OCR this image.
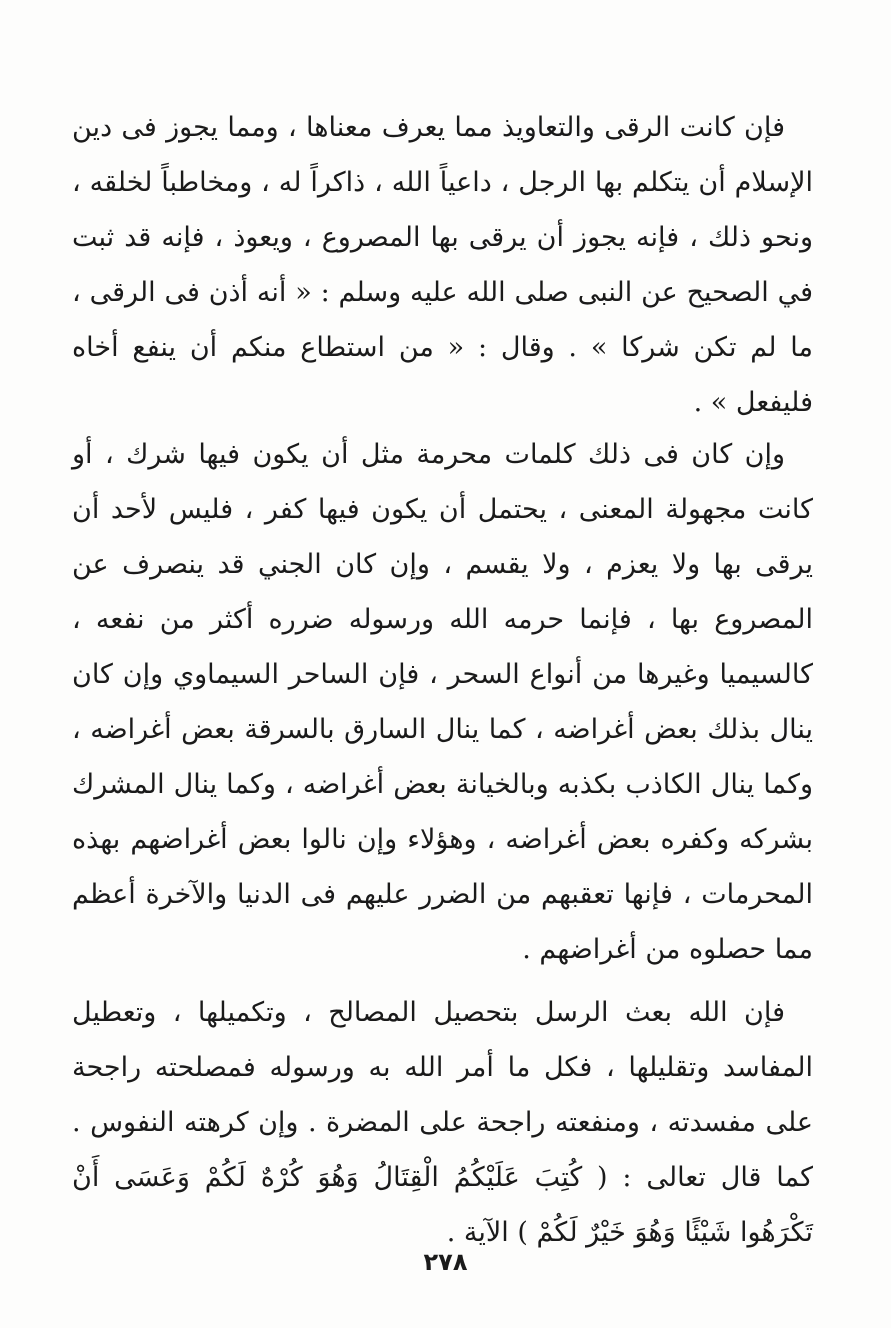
فإن كانت الرقى والتعاويذ مما يعرف معناها ، ومما يجوز فى دين الإسلام أن يتكلم بها الرجل ، داعياً الله ، ذاكراً له ، ومخاطباً لخلقه ، ونحو ذلك ، فإنه يجوز أن يرقى بها المصروع ، ويعوذ ، فإنه قد ثبت في الصحيح عن النبى صلى الله عليه وسلم : « أنه أذن فى الرقى ، ما لم تكن شركا » . وقال : « من استطاع منكم أن ينفع أخاه فليفعل » .

وإن كان فى ذلك كلمات محرمة مثل أن يكون فيها شرك ، أو كانت مجهولة المعنى ، يحتمل أن يكون فيها كفر ، فليس لأحد أن يرقى بها ولا يعزم ، ولا يقسم ، وإن كان الجني قد ينصرف عن المصروع بها ، فإنما حرمه الله ورسوله ضرره أكثر من نفعه ، كالسيميا وغيرها من أنواع السحر ، فإن الساحر السيماوي وإن كان ينال بذلك بعض أغراضه ، كما ينال السارق بالسرقة بعض أغراضه ، وكما ينال الكاذب بكذبه وبالخيانة بعض أغراضه ، وكما ينال المشرك بشركه وكفره بعض أغراضه ، وهؤلاء وإن نالوا بعض أغراضهم بهذه المحرمات ، فإنها تعقبهم من الضرر عليهم فى الدنيا والآخرة أعظم مما حصلوه من أغراضهم .

فإن الله بعث الرسل بتحصيل المصالح ، وتكميلها ، وتعطيل المفاسد وتقليلها ، فكل ما أمر الله به ورسوله فمصلحته راجحة على مفسدته ، ومنفعته راجحة على المضرة . وإن كرهته النفوس . كما قال تعالى : ( كُتِبَ عَلَيْكُمُ الْقِتَالُ وَهُوَ كُرْهٌ لَكُمْ وَعَسَى أَنْ تَكْرَهُوا شَيْئًا وَهُوَ خَيْرٌ لَكُمْ ) الآية .

٢٧٨
